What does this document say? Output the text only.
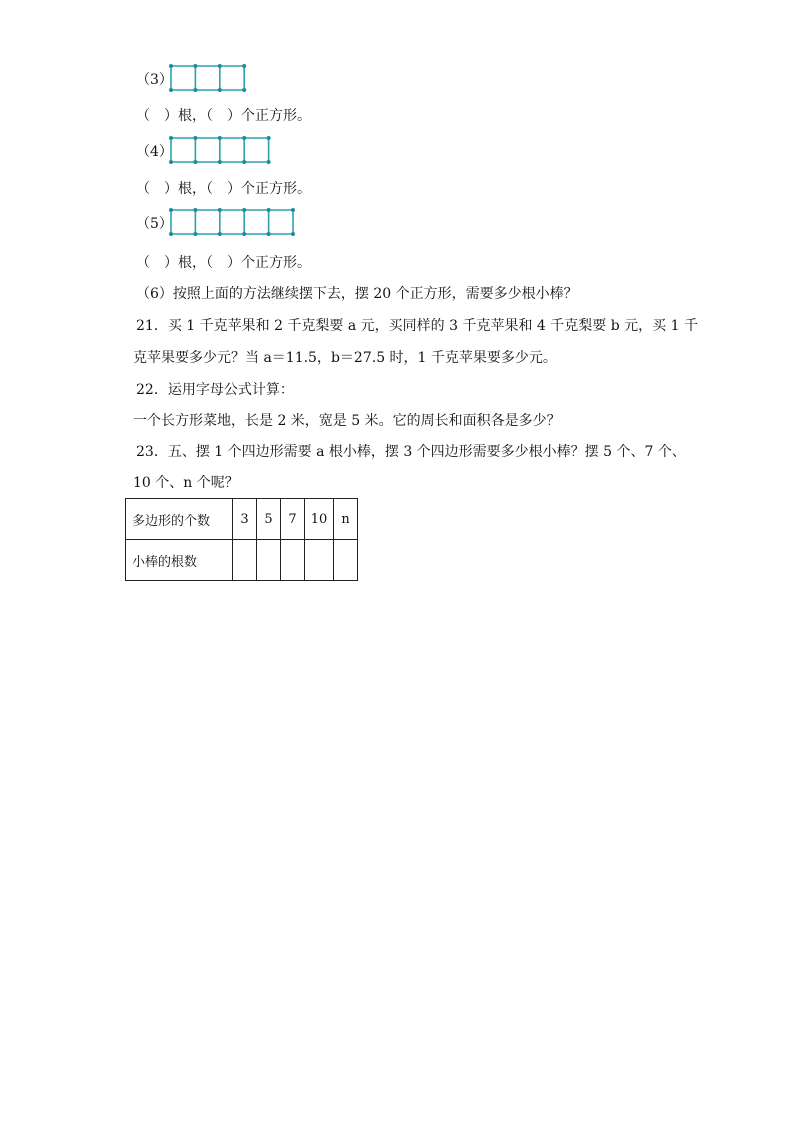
（3）
（　）根，（　）个正方形。
（4）
（　）根，（　）个正方形。
（5）
（　）根，（　）个正方形。
（6）按照上面的方法继续摆下去，摆 20 个正方形，需要多少根小棒？
21．买 1 千克苹果和 2 千克梨要 a 元，买同样的 3 千克苹果和 4 千克梨要 b 元，买 1 千
克苹果要多少元？当 a＝11.5，b＝27.5 时，1 千克苹果要多少元。
22．运用字母公式计算：
一个长方形菜地，长是 2 米，宽是 5 米。它的周长和面积各是多少？
23．五、摆 1 个四边形需要 a 根小棒，摆 3 个四边形需要多少根小棒？摆 5 个、7 个、
10 个、n 个呢？
多边形的个数	3	5	7	10	n
小棒的根数					
